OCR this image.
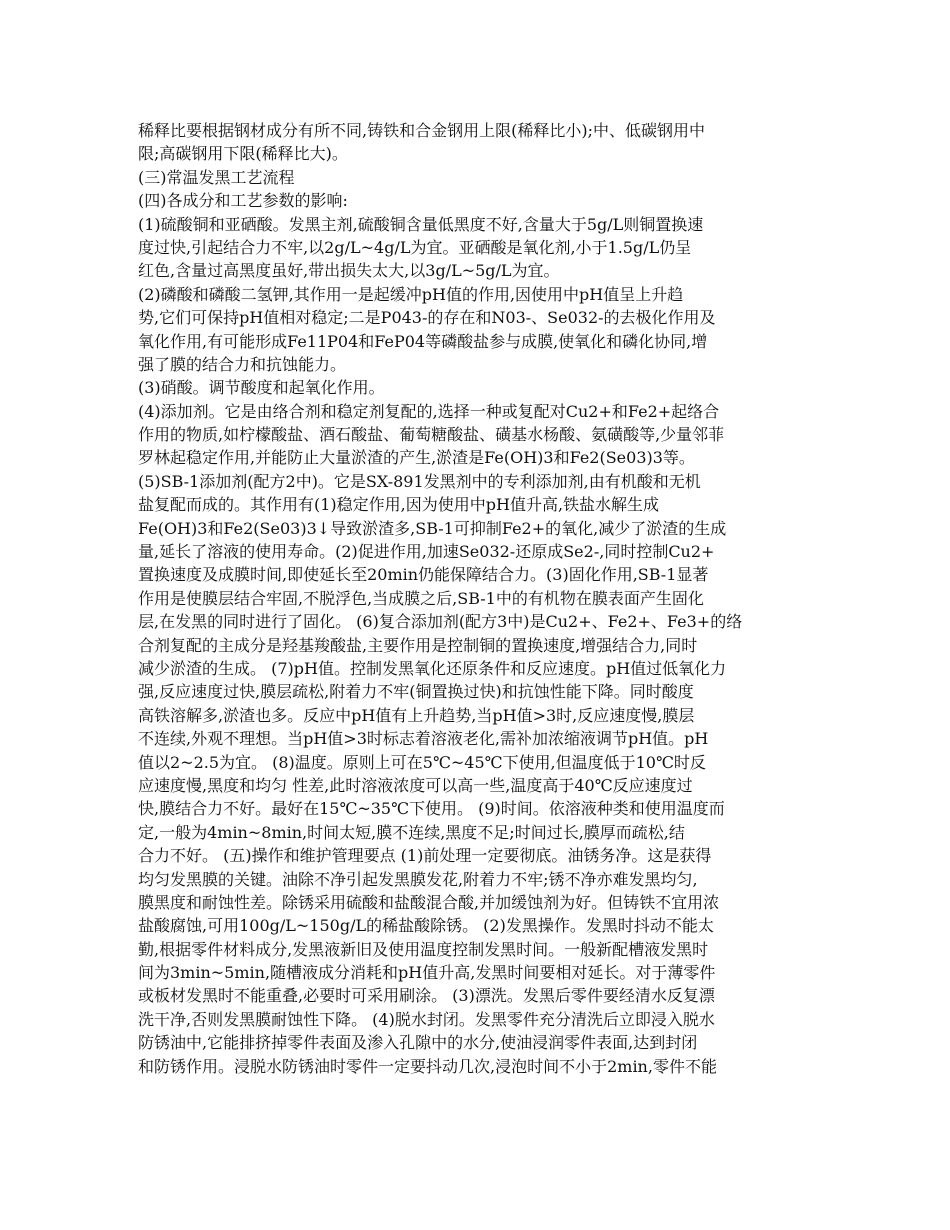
稀释比要根据钢材成分有所不同,铸铁和合金钢用上限(稀释比小);中、低碳钢用中
限;高碳钢用下限(稀释比大)。
(三)常温发黑工艺流程
(四)各成分和工艺参数的影响:
(1)硫酸铜和亚硒酸。发黑主剂,硫酸铜含量低黑度不好,含量大于5g/L则铜置换速
度过快,引起结合力不牢,以2g/L~4g/L为宜。亚硒酸是氧化剂,小于1.5g/L仍呈
红色,含量过高黑度虽好,带出损失太大,以3g/L~5g/L为宜。
(2)磷酸和磷酸二氢钾,其作用一是起缓冲pH值的作用,因使用中pH值呈上升趋
势,它们可保持pH值相对稳定;二是P043-的存在和N03-、Se032-的去极化作用及
氧化作用,有可能形成Fe11P04和FeP04等磷酸盐参与成膜,使氧化和磷化协同,增
强了膜的结合力和抗蚀能力。
(3)硝酸。调节酸度和起氧化作用。
(4)添加剂。它是由络合剂和稳定剂复配的,选择一种或复配对Cu2+和Fe2+起络合
作用的物质,如柠檬酸盐、酒石酸盐、葡萄糖酸盐、磺基水杨酸、氨磺酸等,少量邻菲
罗林起稳定作用,并能防止大量淤渣的产生,淤渣是Fe(OH)3和Fe2(Se03)3等。
(5)SB-1添加剂(配方2中)。它是SX-891发黑剂中的专利添加剂,由有机酸和无机
盐复配而成的。其作用有(1)稳定作用,因为使用中pH值升高,铁盐水解生成
Fe(OH)3和Fe2(Se03)3↓导致淤渣多,SB-1可抑制Fe2+的氧化,减少了淤渣的生成
量,延长了溶液的使用寿命。(2)促进作用,加速Se032-还原成Se2-,同时控制Cu2+
置换速度及成膜时间,即使延长至20min仍能保障结合力。(3)固化作用,SB-1显著
作用是使膜层结合牢固,不脱浮色,当成膜之后,SB-1中的有机物在膜表面产生固化
层,在发黑的同时进行了固化。 (6)复合添加剂(配方3中)是Cu2+、Fe2+、Fe3+的络
合剂复配的主成分是羟基羧酸盐,主要作用是控制铜的置换速度,增强结合力,同时
减少淤渣的生成。 (7)pH值。控制发黑氧化还原条件和反应速度。pH值过低氧化力
强,反应速度过快,膜层疏松,附着力不牢(铜置换过快)和抗蚀性能下降。同时酸度
高铁溶解多,淤渣也多。反应中pH值有上升趋势,当pH值>3时,反应速度慢,膜层
不连续,外观不理想。当pH值>3时标志着溶液老化,需补加浓缩液调节pH值。pH
值以2~2.5为宜。 (8)温度。原则上可在5℃~45℃下使用,但温度低于10℃时反
应速度慢,黑度和均匀 性差,此时溶液浓度可以高一些,温度高于40℃反应速度过
快,膜结合力不好。最好在15℃~35℃下使用。 (9)时间。依溶液种类和使用温度而
定,一般为4min~8min,时间太短,膜不连续,黑度不足;时间过长,膜厚而疏松,结
合力不好。 (五)操作和维护管理要点 (1)前处理一定要彻底。油锈务净。这是获得
均匀发黑膜的关键。油除不净引起发黑膜发花,附着力不牢;锈不净亦难发黑均匀,
膜黑度和耐蚀性差。除锈采用硫酸和盐酸混合酸,并加缓蚀剂为好。但铸铁不宜用浓
盐酸腐蚀,可用100g/L~150g/L的稀盐酸除锈。 (2)发黑操作。发黑时抖动不能太
勤,根据零件材料成分,发黑液新旧及使用温度控制发黑时间。一般新配槽液发黑时
间为3min~5min,随槽液成分消耗和pH值升高,发黑时间要相对延长。对于薄零件
或板材发黑时不能重叠,必要时可采用刷涂。 (3)漂洗。发黑后零件要经清水反复漂
洗干净,否则发黑膜耐蚀性下降。 (4)脱水封闭。发黑零件充分清洗后立即浸入脱水
防锈油中,它能排挤掉零件表面及渗入孔隙中的水分,使油浸润零件表面,达到封闭
和防锈作用。浸脱水防锈油时零件一定要抖动几次,浸泡时间不小于2min,零件不能
